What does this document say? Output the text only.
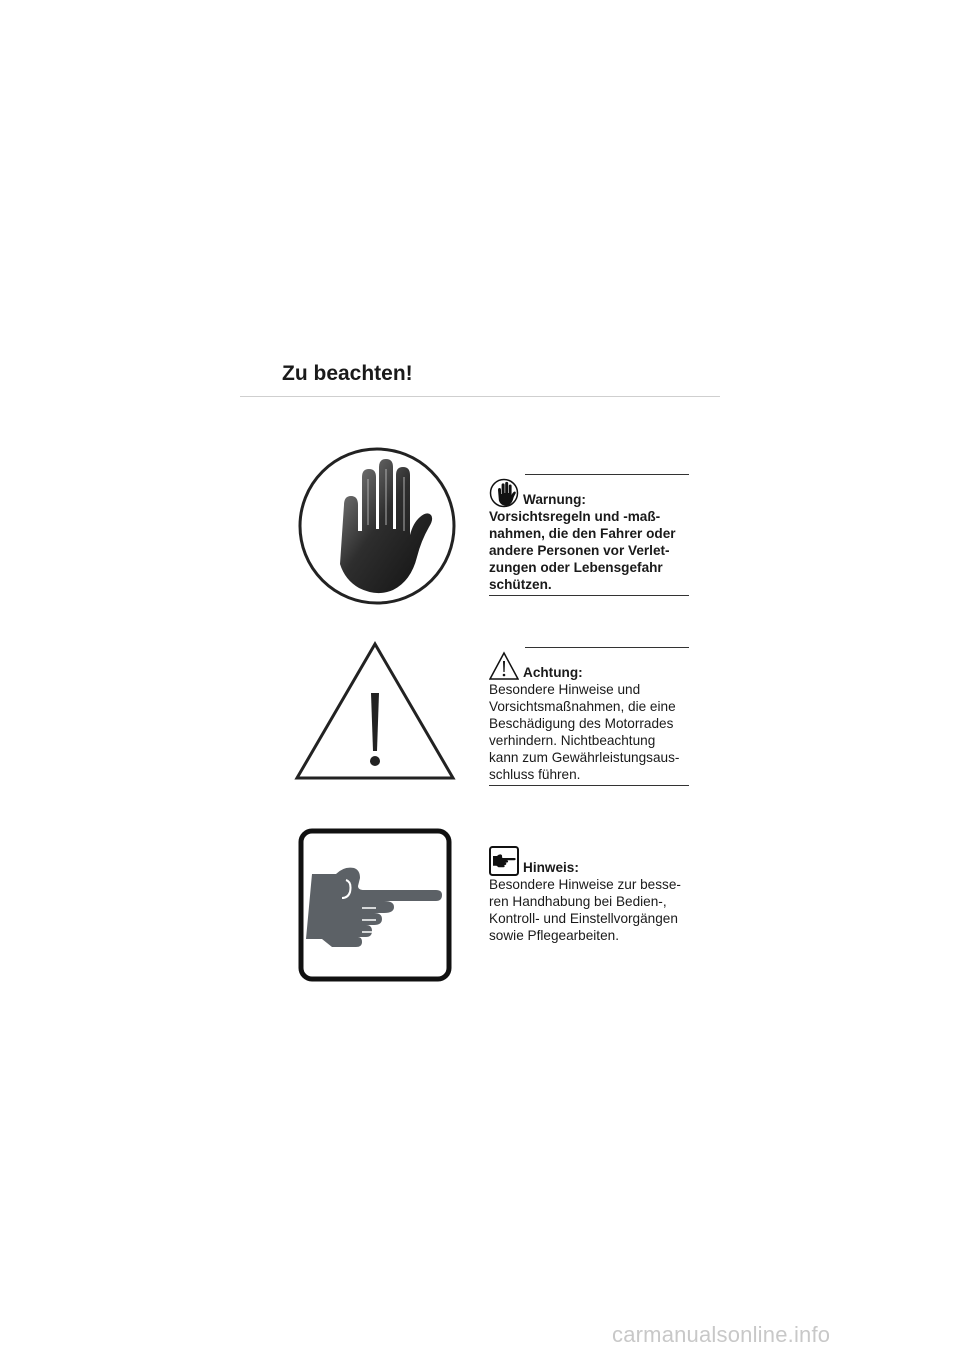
Zu beachten!
Warnung:

Vorsichtsregeln und -maß-

nahmen, die den Fahrer oder

andere Personen vor Verlet-

zungen oder Lebensgefahr

schützen.

Achtung:

Besondere Hinweise und

Vorsichtsmaßnahmen, die eine

Beschädigung des Motorrades

verhindern. Nichtbeachtung

kann zum Gewährleistungsaus-

schluss führen.

Hinweis:

Besondere Hinweise zur besse-

ren Handhabung bei Bedien-,

Kontroll- und Einstellvorgängen

sowie Pflegearbeiten.

carmanualsonline.info
